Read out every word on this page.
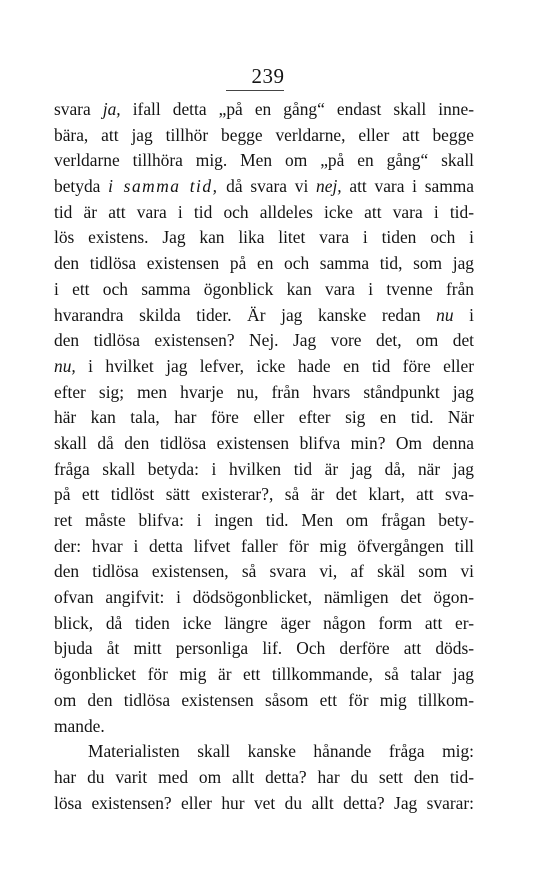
239
svara ja, ifall detta „på en gång“ endast skall inne-
bära, att jag tillhör begge verldarne, eller att begge
verldarne tillhöra mig. Men om „på en gång“ skall
betyda i samma tid, då svara vi nej, att vara i samma
tid är att vara i tid och alldeles icke att vara i tid-
lös existens. Jag kan lika litet vara i tiden och i
den tidlösa existensen på en och samma tid, som jag
i ett och samma ögonblick kan vara i tvenne från
hvarandra skilda tider. Är jag kanske redan nu i
den tidlösa existensen? Nej. Jag vore det, om det
nu, i hvilket jag lefver, icke hade en tid före eller
efter sig; men hvarje nu, från hvars ståndpunkt jag
här kan tala, har före eller efter sig en tid. När
skall då den tidlösa existensen blifva min? Om denna
fråga skall betyda: i hvilken tid är jag då, när jag
på ett tidlöst sätt existerar?, så är det klart, att sva-
ret måste blifva: i ingen tid. Men om frågan bety-
der: hvar i detta lifvet faller för mig öfvergången till
den tidlösa existensen, så svara vi, af skäl som vi
ofvan angifvit: i dödsögonblicket, nämligen det ögon-
blick, då tiden icke längre äger någon form att er-
bjuda åt mitt personliga lif. Och derföre att döds-
ögonblicket för mig är ett tillkommande, så talar jag
om den tidlösa existensen såsom ett för mig tillkom-
mande.
Materialisten skall kanske hånande fråga mig:
har du varit med om allt detta? har du sett den tid-
lösa existensen? eller hur vet du allt detta? Jag svarar:
